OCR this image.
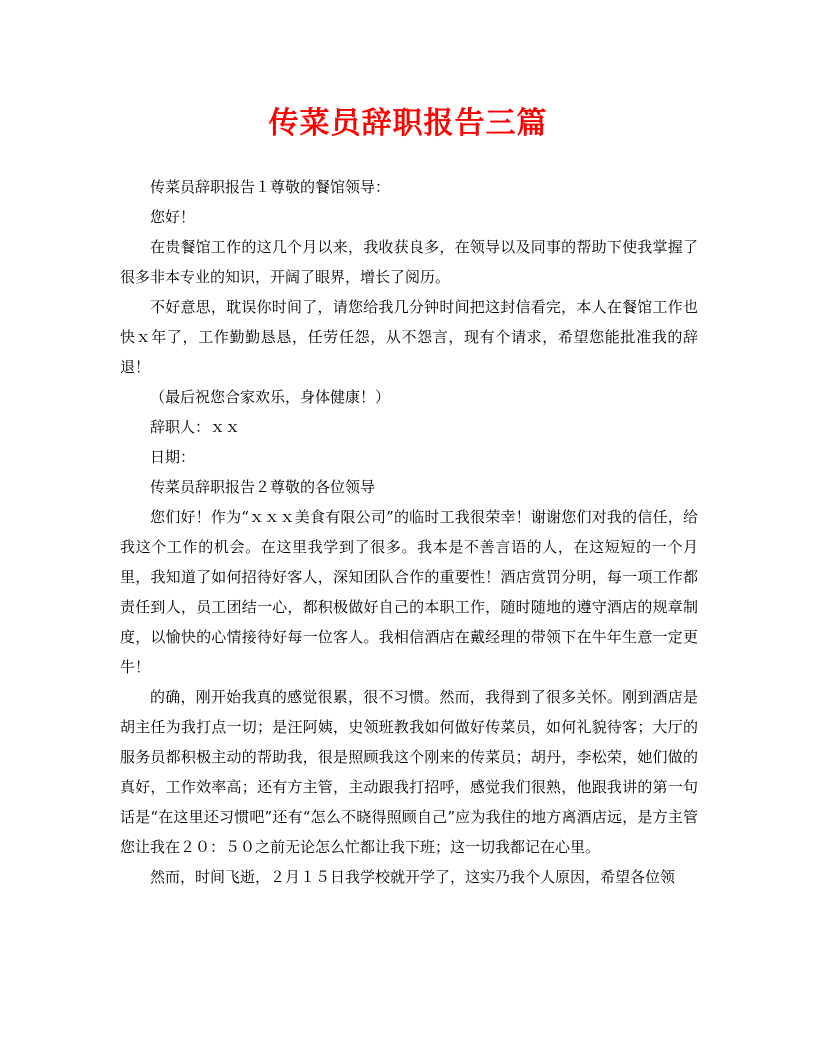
传菜员辞职报告三篇

传菜员辞职报告１尊敬的餐馆领导：

您好！

在贵餐馆工作的这几个月以来，我收获良多，在领导以及同事的帮助下使我掌握了很多非本专业的知识，开阔了眼界，增长了阅历。

不好意思，耽误你时间了，请您给我几分钟时间把这封信看完，本人在餐馆工作也快ｘ年了，工作勤勤恳恳，任劳任怨，从不怨言，现有个请求，希望您能批准我的辞退！

（最后祝您合家欢乐，身体健康！）

辞职人：ｘｘ

日期：

传菜员辞职报告２尊敬的各位领导

您们好！作为“ｘｘｘ美食有限公司”的临时工我很荣幸！谢谢您们对我的信任，给我这个工作的机会。在这里我学到了很多。我本是不善言语的人，在这短短的一个月里，我知道了如何招待好客人，深知团队合作的重要性！酒店赏罚分明，每一项工作都责任到人，员工团结一心，都积极做好自己的本职工作，随时随地的遵守酒店的规章制度，以愉快的心情接待好每一位客人。我相信酒店在戴经理的带领下在牛年生意一定更牛！

的确，刚开始我真的感觉很累，很不习惯。然而，我得到了很多关怀。刚到酒店是胡主任为我打点一切；是汪阿姨，史领班教我如何做好传菜员，如何礼貌待客；大厅的服务员都积极主动的帮助我，很是照顾我这个刚来的传菜员；胡丹，李松荣，她们做的真好，工作效率高；还有方主管，主动跟我打招呼，感觉我们很熟，他跟我讲的第一句话是“在这里还习惯吧”还有“怎么不晓得照顾自己”应为我住的地方离酒店远，是方主管您让我在２０：５０之前无论怎么忙都让我下班；这一切我都记在心里。

然而，时间飞逝，２月１５日我学校就开学了，这实乃我个人原因，希望各位领
